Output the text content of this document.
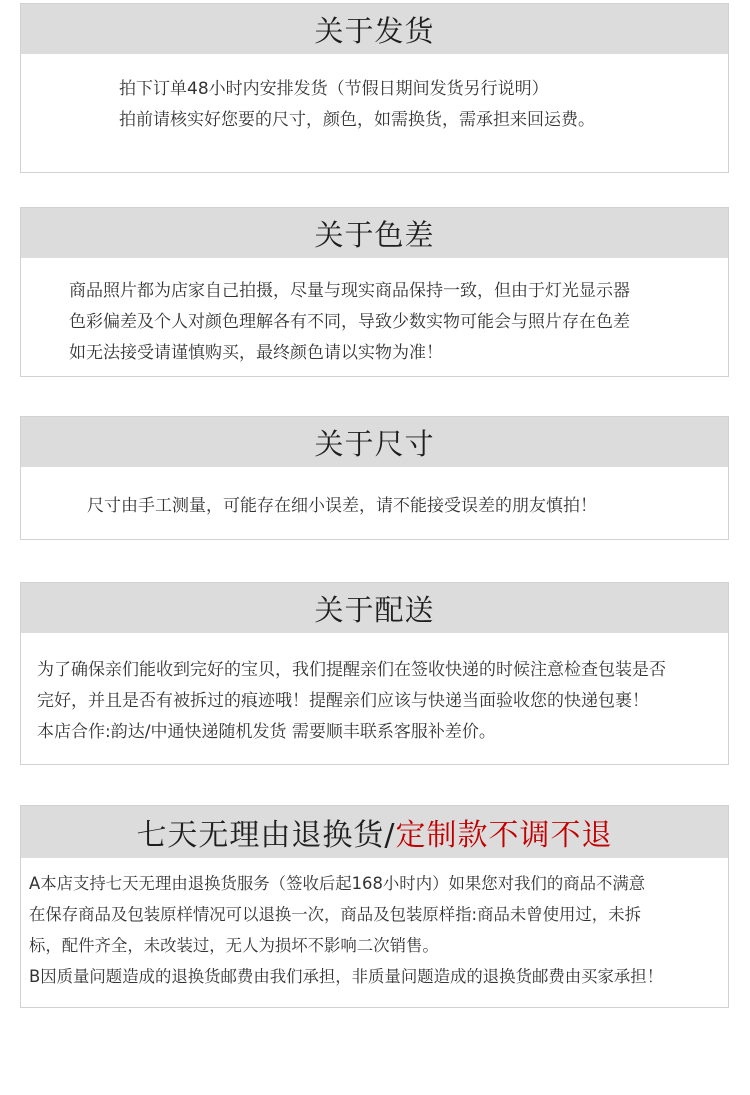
关于发货

拍下订单48小时内安排发货（节假日期间发货另行说明）

拍前请核实好您要的尺寸，颜色，如需换货，需承担来回运费。

关于色差

商品照片都为店家自己拍摄，尽量与现实商品保持一致，但由于灯光显示器

色彩偏差及个人对颜色理解各有不同，导致少数实物可能会与照片存在色差

如无法接受请谨慎购买，最终颜色请以实物为准！

关于尺寸

尺寸由手工测量，可能存在细小误差，请不能接受误差的朋友慎拍！

关于配送

为了确保亲们能收到完好的宝贝，我们提醒亲们在签收快递的时候注意检查包装是否

完好，并且是否有被拆过的痕迹哦！提醒亲们应该与快递当面验收您的快递包裹！

本店合作:韵达/中通快递随机发货 需要顺丰联系客服补差价。

七天无理由退换货/ 定制款不调不退

A本店支持七天无理由退换货服务（签收后起168小时内）如果您对我们的商品不满意

在保存商品及包装原样情况可以退换一次，商品及包装原样指:商品未曾使用过，未拆

标，配件齐全，未改装过，无人为损坏不影响二次销售。

B因质量问题造成的退换货邮费由我们承担，非质量问题造成的退换货邮费由买家承担！
